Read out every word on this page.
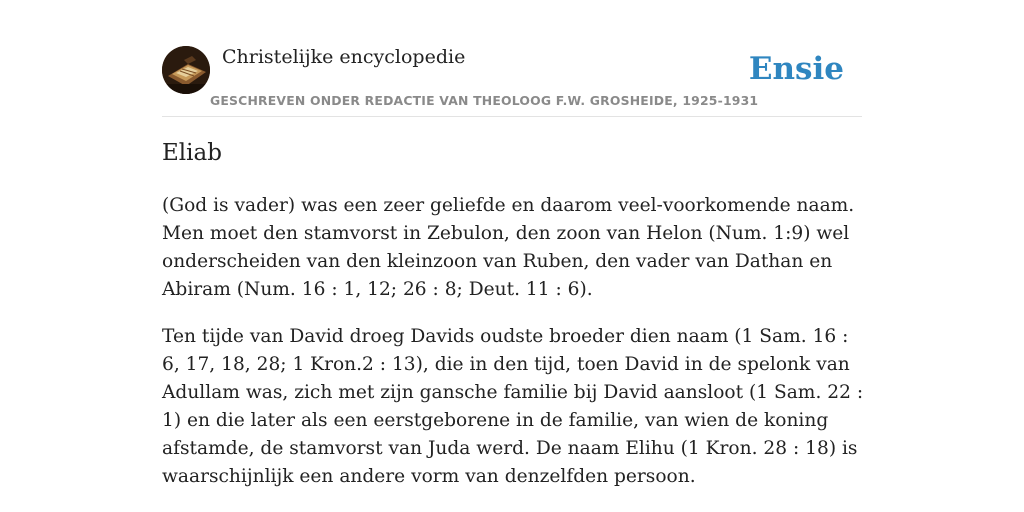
Christelijke encyclopedie
GESCHREVEN ONDER REDACTIE VAN THEOLOOG F.W. GROSHEIDE, 1925-1931
Ensie
Eliab

(God is vader) was een zeer geliefde en daarom veel-voorkomende naam. Men moet den stamvorst in Zebulon, den zoon van Helon (Num. 1:9) wel onderscheiden van den kleinzoon van Ruben, den vader van Dathan en Abiram (Num. 16 : 1, 12; 26 : 8; Deut. 11 : 6).

Ten tijde van David droeg Davids oudste broeder dien naam (1 Sam. 16 : 6, 17, 18, 28; 1 Kron.2 : 13), die in den tijd, toen David in de spelonk van Adullam was, zich met zijn gansche familie bij David aansloot (1 Sam. 22 : 1) en die later als een eerstgeborene in de familie, van wien de koning afstamde, de stamvorst van Juda werd. De naam Elihu (1 Kron. 28 : 18) is waarschijnlijk een andere vorm van denzelfden persoon.
